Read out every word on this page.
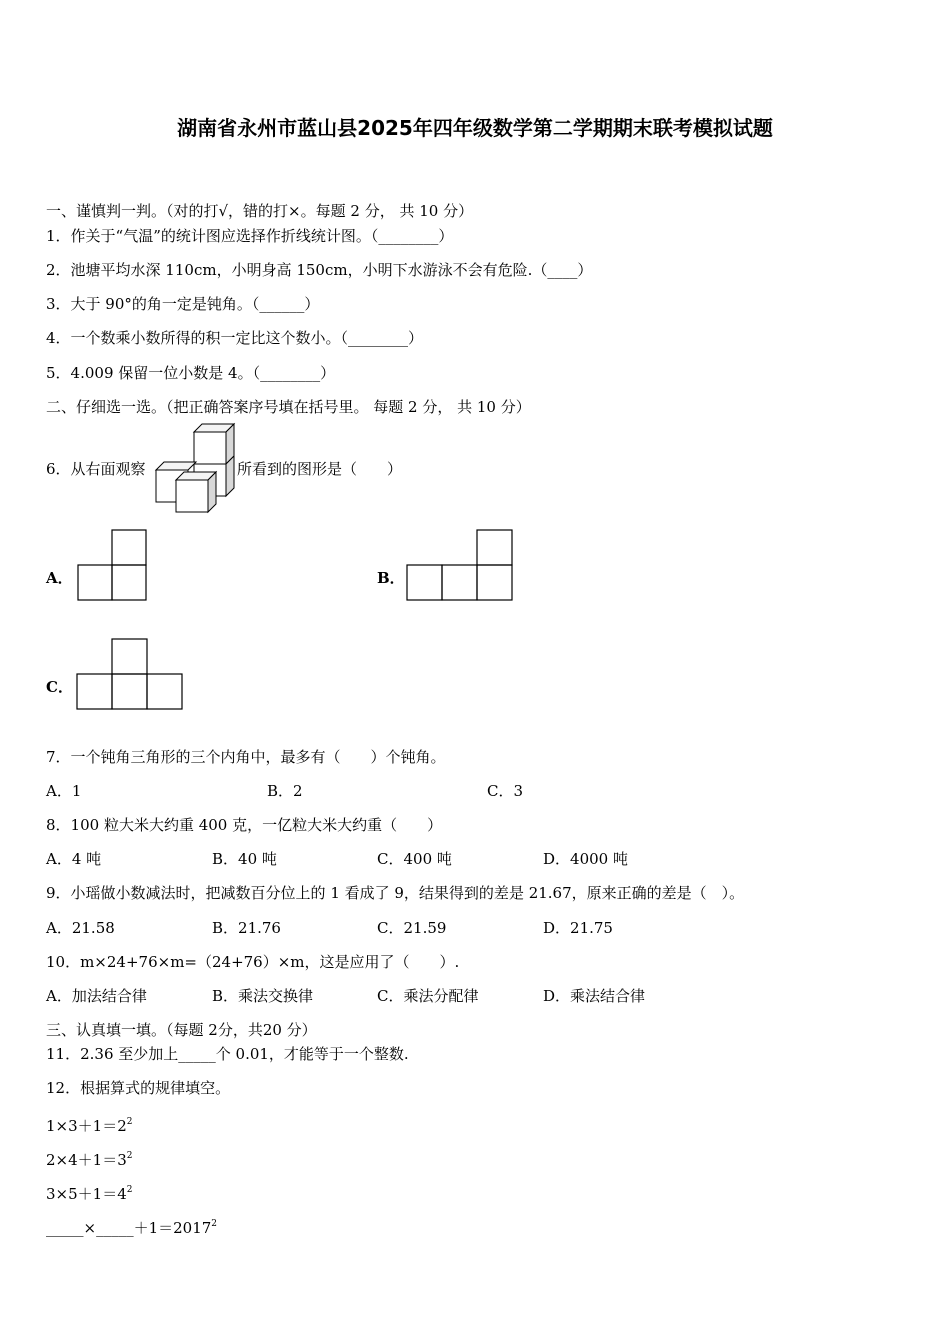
湖南省永州市蓝山县2025年四年级数学第二学期期末联考模拟试题
一、谨慎判一判。（对的打√，错的打×。每题 2 分， 共 10 分）
1．作关于“气温”的统计图应选择作折线统计图。（________）
2．池塘平均水深 110cm，小明身高 150cm，小明下水游泳不会有危险.（____）
3．大于 90°的角一定是钝角。（______）
4．一个数乘小数所得的积一定比这个数小。（________）
5．4.009 保留一位小数是 4。（________）
二、仔细选一选。（把正确答案序号填在括号里。 每题 2 分， 共 10 分）
6．从右面观察	所看到的图形是（　　）
A．	B．
C．
7．一个钝角三角形的三个内角中，最多有（　　）个钝角。
A．1	B．2	C．3
8．100 粒大米大约重 400 克，一亿粒大米大约重（　　）
A．4 吨	B．40 吨	C．400 吨	D．4000 吨
9．小瑶做小数减法时，把减数百分位上的 1 看成了 9，结果得到的差是 21.67，原来正确的差是（　）。
A．21.58	B．21.76	C．21.59	D．21.75
10．m×24+76×m=（24+76）×m，这是应用了（　　）.
A．加法结合律	B．乘法交换律	C．乘法分配律	D．乘法结合律
三、认真填一填。（每题 2分，共20 分）
11．2.36 至少加上_____个 0.01，才能等于一个整数.
12．根据算式的规律填空。
$1\times 3+1=2^2$
$2\times 4+1=3^2$
$3\times 5+1=4^2$
$\_\_\_\_\_\times\_\_\_\_\_+1=2017^2$
